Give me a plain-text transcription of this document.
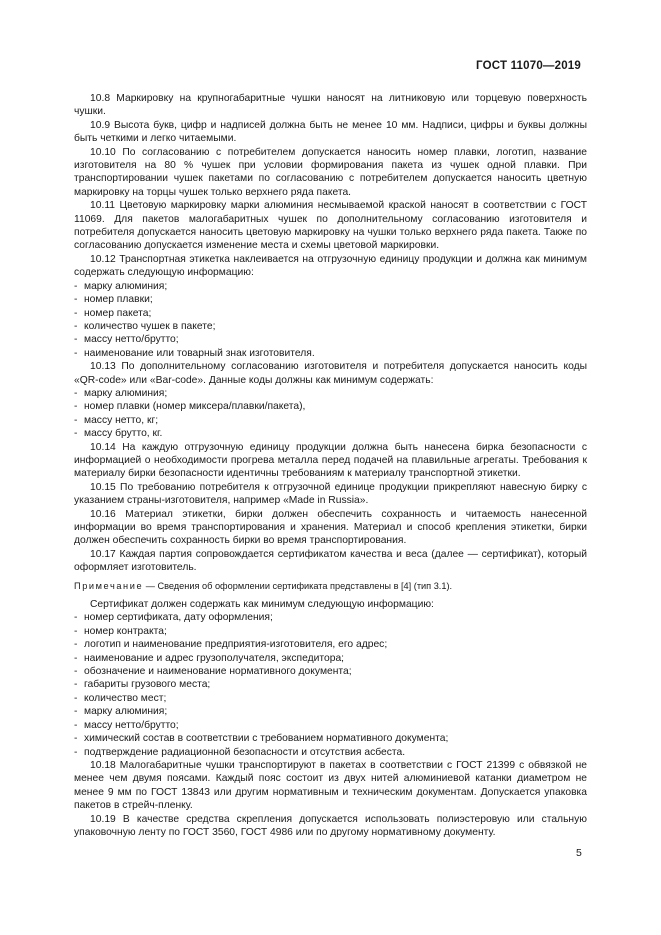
ГОСТ 11070—2019

10.8 Маркировку на крупногабаритные чушки наносят на литниковую или торцевую поверхность чушки.

10.9 Высота букв, цифр и надписей должна быть не менее 10 мм. Надписи, цифры и буквы должны быть четкими и легко читаемыми.

10.10 По согласованию с потребителем допускается наносить номер плавки, логотип, название изготовителя на 80 % чушек при условии формирования пакета из чушек одной плавки. При транспортировании чушек пакетами по согласованию с потребителем допускается наносить цветную маркировку на торцы чушек только верхнего ряда пакета.

10.11 Цветовую маркировку марки алюминия несмываемой краской наносят в соответствии с ГОСТ 11069. Для пакетов малогабаритных чушек по дополнительному согласованию изготовителя и потребителя допускается наносить цветовую маркировку на чушки только верхнего ряда пакета. Также по согласованию допускается изменение места и схемы цветовой маркировки.

10.12 Транспортная этикетка наклеивается на отгрузочную единицу продукции и должна как минимум содержать следующую информацию:

- марку алюминия;
- номер плавки;
- номер пакета;
- количество чушек в пакете;
- массу нетто/брутто;
- наименование или товарный знак изготовителя.

10.13 По дополнительному согласованию изготовителя и потребителя допускается наносить коды «QR-code» или «Bar-code». Данные коды должны как минимум содержать:

- марку алюминия;
- номер плавки (номер миксера/плавки/пакета),
- массу нетто, кг;
- массу брутто, кг.

10.14 На каждую отгрузочную единицу продукции должна быть нанесена бирка безопасности с информацией о необходимости прогрева металла перед подачей на плавильные агрегаты. Требования к материалу бирки безопасности идентичны требованиям к материалу транспортной этикетки.

10.15 По требованию потребителя к отгрузочной единице продукции прикрепляют навесную бирку с указанием страны-изготовителя, например «Made in Russia».

10.16 Материал этикетки, бирки должен обеспечить сохранность и читаемость нанесенной информации во время транспортирования и хранения. Материал и способ крепления этикетки, бирки должен обеспечить сохранность бирки во время транспортирования.

10.17 Каждая партия сопровождается сертификатом качества и веса (далее — сертификат), который оформляет изготовитель.

Примечание — Сведения об оформлении сертификата представлены в [4] (тип 3.1).

Сертификат должен содержать как минимум следующую информацию:

- номер сертификата, дату оформления;
- номер контракта;
- логотип и наименование предприятия-изготовителя, его адрес;
- наименование и адрес грузополучателя, экспедитора;
- обозначение и наименование нормативного документа;
- габариты грузового места;
- количество мест;
- марку алюминия;
- массу нетто/брутто;
- химический состав в соответствии с требованием нормативного документа;
- подтверждение радиационной безопасности и отсутствия асбеста.

10.18 Малогабаритные чушки транспортируют в пакетах в соответствии с ГОСТ 21399 с обвязкой не менее чем двумя поясами. Каждый пояс состоит из двух нитей алюминиевой катанки диаметром не менее 9 мм по ГОСТ 13843 или другим нормативным и техническим документам. Допускается упаковка пакетов в стрейч-пленку.

10.19 В качестве средства скрепления допускается использовать полиэстеровую или стальную упаковочную ленту по ГОСТ 3560, ГОСТ 4986 или по другому нормативному документу.

5
